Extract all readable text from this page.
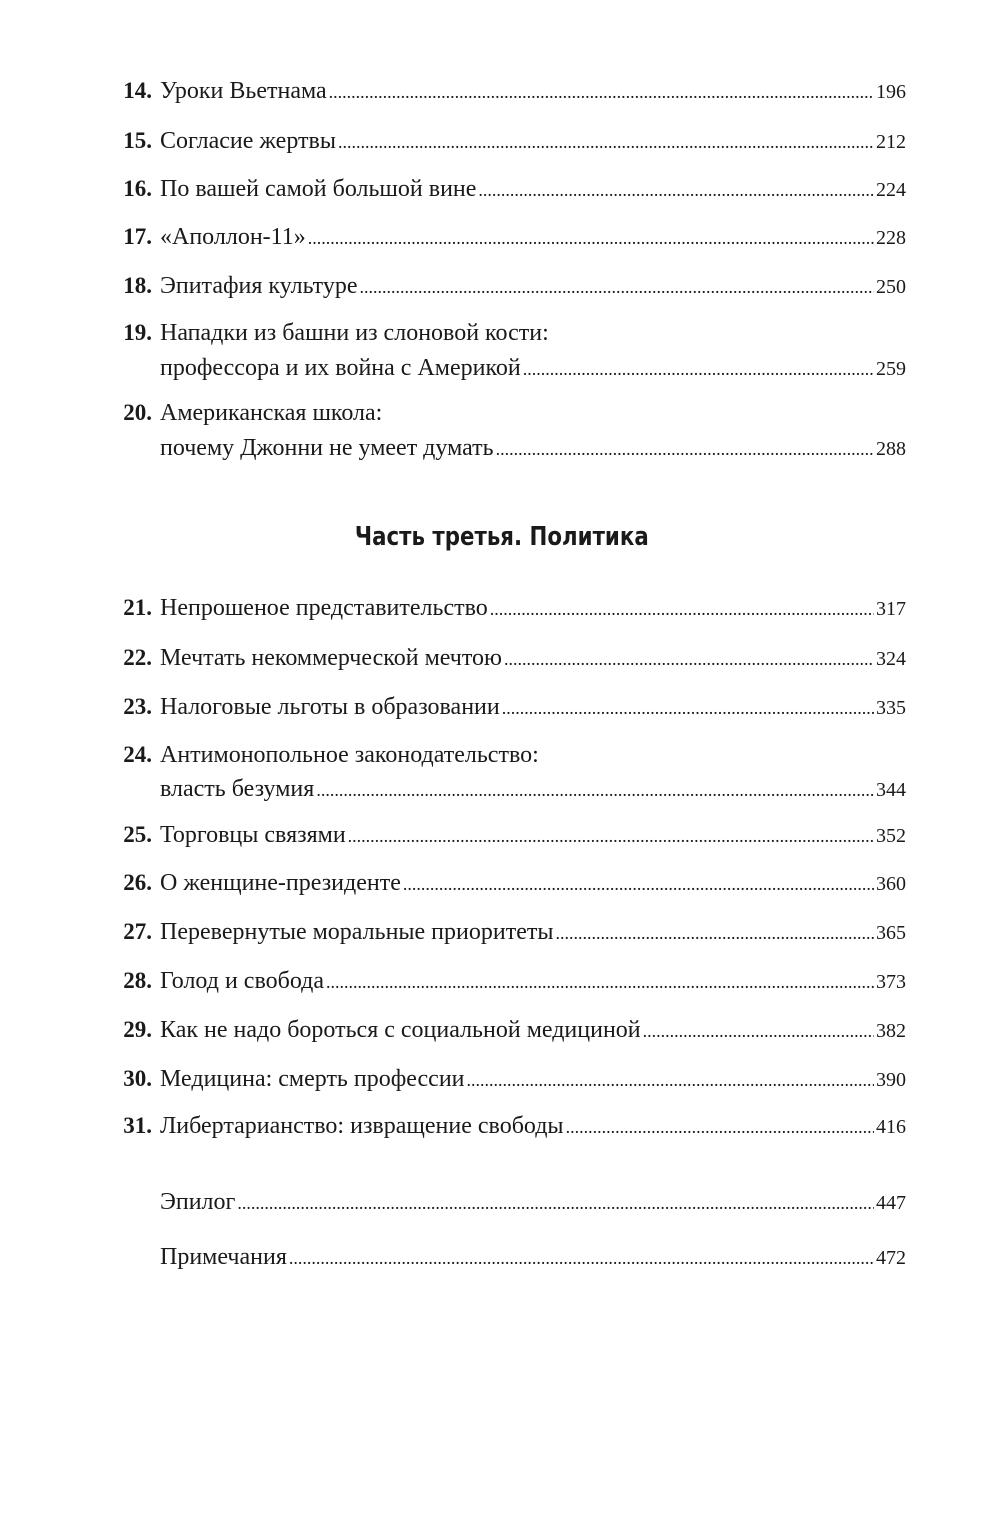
14. Уроки Вьетнама .....	196
15. Согласие жертвы .....	212
16. По вашей самой большой вине .....	224
17. «Аполлон-11» .....	228
18. Эпитафия культуре .....	250
19. Нападки из башни из слоновой кости:
профессора и их война с Америкой .....	259
20. Американская школа:
почему Джонни не умеет думать .....	288
Часть третья. Политика
21. Непрошеное представительство .....	317
22. Мечтать некоммерческой мечтою .....	324
23. Налоговые льготы в образовании .....	335
24. Антимонопольное законодательство:
власть безумия .....	344
25. Торговцы связями .....	352
26. О женщине-президенте .....	360
27. Перевернутые моральные приоритеты .....	365
28. Голод и свобода .....	373
29. Как не надо бороться с социальной медициной .....	382
30. Медицина: смерть профессии .....	390
31. Либертарианство: извращение свободы .....	416
Эпилог .....	447
Примечания .....	472
